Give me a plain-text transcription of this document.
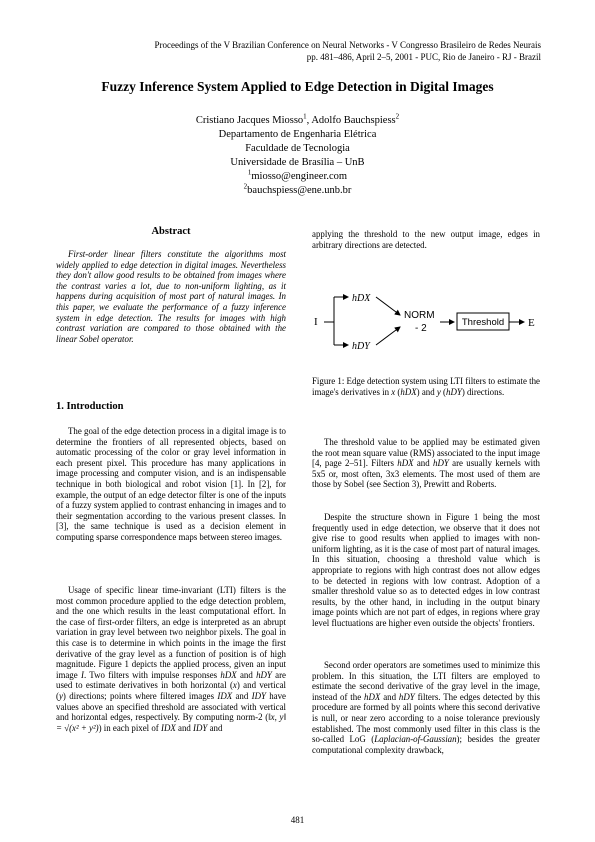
Proceedings of the V Brazilian Conference on Neural Networks - V Congresso Brasileiro de Redes Neurais
pp. 481–486, April 2–5, 2001 - PUC, Rio de Janeiro - RJ - Brazil
Fuzzy Inference System Applied to Edge Detection in Digital Images
Cristiano Jacques Miosso$^1$, Adolfo Bauchspiess$^2$
Departamento de Engenharia Elétrica
Faculdade de Tecnologia
Universidade de Brasília – UnB
$^1$miosso@engineer.com
$^2$bauchspiess@ene.unb.br
Abstract

First-order linear filters constitute the algorithms most widely applied to edge detection in digital images. Nevertheless they don't allow good results to be obtained from images where the contrast varies a lot, due to non-uniform lighting, as it happens during acquisition of most part of natural images. In this paper, we evaluate the performance of a fuzzy inference system in edge detection. The results for images with high contrast variation are compared to those obtained with the linear Sobel operator.

1. Introduction

The goal of the edge detection process in a digital image is to determine the frontiers of all represented objects, based on automatic processing of the color or gray level information in each present pixel. This procedure has many applications in image processing and computer vision, and is an indispensable technique in both biological and robot vision [1]. In [2], for example, the output of an edge detector filter is one of the inputs of a fuzzy system applied to contrast enhancing in images and to their segmentation according to the various present classes. In [3], the same technique is used as a decision element in computing sparse correspondence maps between stereo images.

Usage of specific linear time-invariant (LTI) filters is the most common procedure applied to the edge detection problem, and the one which results in the least computational effort. In the case of first-order filters, an edge is interpreted as an abrupt variation in gray level between two neighbor pixels. The goal in this case is to determine in which points in the image the first derivative of the gray level as a function of position is of high magnitude. Figure 1 depicts the applied process, given an input image I. Two filters with impulse responses hDX and hDY are used to estimate derivatives in both horizontal (x) and vertical (y) directions; points where filtered images IDX and IDY have values above an specified threshold are associated with vertical and horizontal edges, respectively. By computing norm-2 (‖x, y‖ = √(x² + y²)) in each pixel of IDX and IDY and

applying the threshold to the new output image, edges in arbitrary directions are detected.

I
hDX
hDY
NORM
- 2
Threshold E

Figure 1: Edge detection system using LTI filters to estimate the image's derivatives in x (hDX) and y (hDY) directions.

The threshold value to be applied may be estimated given the root mean square value (RMS) associated to the input image [4, page 2–51]. Filters hDX and hDY are usually kernels with 5x5 or, most often, 3x3 elements. The most used of them are those by Sobel (see Section 3), Prewitt and Roberts.

Despite the structure shown in Figure 1 being the most frequently used in edge detection, we observe that it does not give rise to good results when applied to images with non-uniform lighting, as it is the case of most part of natural images. In this situation, choosing a threshold value which is appropriate to regions with high contrast does not allow edges to be detected in regions with low contrast. Adoption of a smaller threshold value so as to detected edges in low contrast results, by the other hand, in including in the output binary image points which are not part of edges, in regions where gray level fluctuations are higher even outside the objects' frontiers.

Second order operators are sometimes used to minimize this problem. In this situation, the LTI filters are employed to estimate the second derivative of the gray level in the image, instead of the hDX and hDY filters. The edges detected by this procedure are formed by all points where this second derivative is null, or near zero according to a noise tolerance previously established. The most commonly used filter in this class is the so-called LoG (Laplacian-of-Gaussian); besides the greater computational complexity drawback,

481
